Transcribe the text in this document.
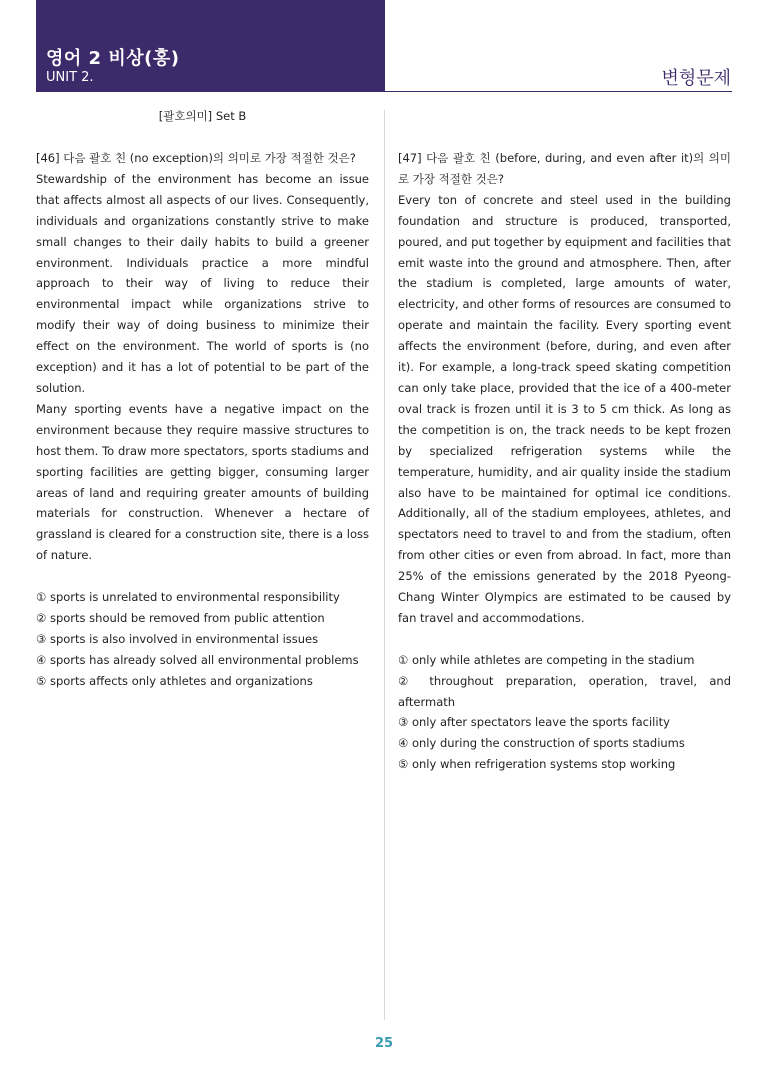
영어 2 비상(홍)
UNIT 2.	변형문제
[괄호의미] Set B

[46] 다음 괄호 친 (no exception)의 의미로 가장 적절한 것은?

Stewardship of the environment has become an issue that affects almost all aspects of our lives. Consequently, individuals and organizations constantly strive to make small changes to their daily habits to build a greener environment. Individuals practice a more mindful approach to their way of living to reduce their environmental impact while organizations strive to modify their way of doing business to minimize their effect on the environment. The world of sports is (no exception) and it has a lot of potential to be part of the solution.

Many sporting events have a negative impact on the environment because they require massive structures to host them. To draw more spectators, sports stadiums and sporting facilities are getting bigger, consuming larger areas of land and requiring greater amounts of building materials for construction. Whenever a hectare of grassland is cleared for a construction site, there is a loss of nature.

① sports is unrelated to environmental responsibility
② sports should be removed from public attention
③ sports is also involved in environmental issues
④ sports has already solved all environmental problems
⑤ sports affects only athletes and organizations

[47] 다음 괄호 친 (before, during, and even after it)의 의미로 가장 적절한 것은?

Every ton of concrete and steel used in the building foundation and structure is produced, transported, poured, and put together by equipment and facilities that emit waste into the ground and atmosphere. Then, after the stadium is completed, large amounts of water, electricity, and other forms of resources are consumed to operate and maintain the facility. Every sporting event affects the environment (before, during, and even after it). For example, a long-track speed skating competition can only take place, provided that the ice of a 400-meter oval track is frozen until it is 3 to 5 cm thick. As long as the competition is on, the track needs to be kept frozen by specialized refrigeration systems while the temperature, humidity, and air quality inside the stadium also have to be maintained for optimal ice conditions. Additionally, all of the stadium employees, athletes, and spectators need to travel to and from the stadium, often from other cities or even from abroad. In fact, more than 25% of the emissions generated by the 2018 Pyeong- Chang Winter Olympics are estimated to be caused by fan travel and accommodations.

① only while athletes are competing in the stadium
② throughout preparation, operation, travel, and aftermath
③ only after spectators leave the sports facility
④ only during the construction of sports stadiums
⑤ only when refrigeration systems stop working
25
